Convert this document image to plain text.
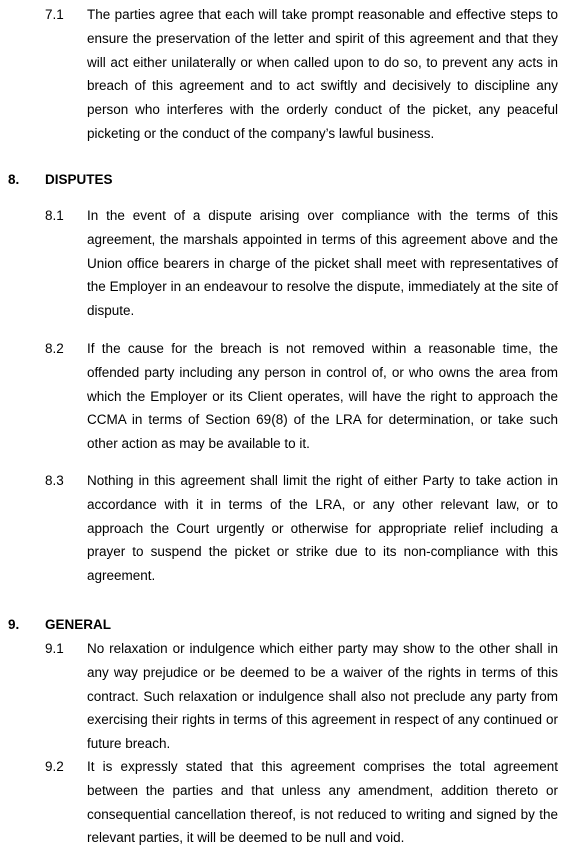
7.1 The parties agree that each will take prompt reasonable and effective steps to ensure the preservation of the letter and spirit of this agreement and that they will act either unilaterally or when called upon to do so, to prevent any acts in breach of this agreement and to act swiftly and decisively to discipline any person who interferes with the orderly conduct of the picket, any peaceful picketing or the conduct of the company’s lawful business.
8. DISPUTES
8.1 In the event of a dispute arising over compliance with the terms of this agreement, the marshals appointed in terms of this agreement above and the Union office bearers in charge of the picket shall meet with representatives of the Employer in an endeavour to resolve the dispute, immediately at the site of dispute.
8.2 If the cause for the breach is not removed within a reasonable time, the offended party including any person in control of, or who owns the area from which the Employer or its Client operates, will have the right to approach the CCMA in terms of Section 69(8) of the LRA for determination, or take such other action as may be available to it.
8.3 Nothing in this agreement shall limit the right of either Party to take action in accordance with it in terms of the LRA, or any other relevant law, or to approach the Court urgently or otherwise for appropriate relief including a prayer to suspend the picket or strike due to its non-compliance with this agreement.
9. GENERAL
9.1 No relaxation or indulgence which either party may show to the other shall in any way prejudice or be deemed to be a waiver of the rights in terms of this contract. Such relaxation or indulgence shall also not preclude any party from exercising their rights in terms of this agreement in respect of any continued or future breach.
9.2 It is expressly stated that this agreement comprises the total agreement between the parties and that unless any amendment, addition thereto or consequential cancellation thereof, is not reduced to writing and signed by the relevant parties, it will be deemed to be null and void.
